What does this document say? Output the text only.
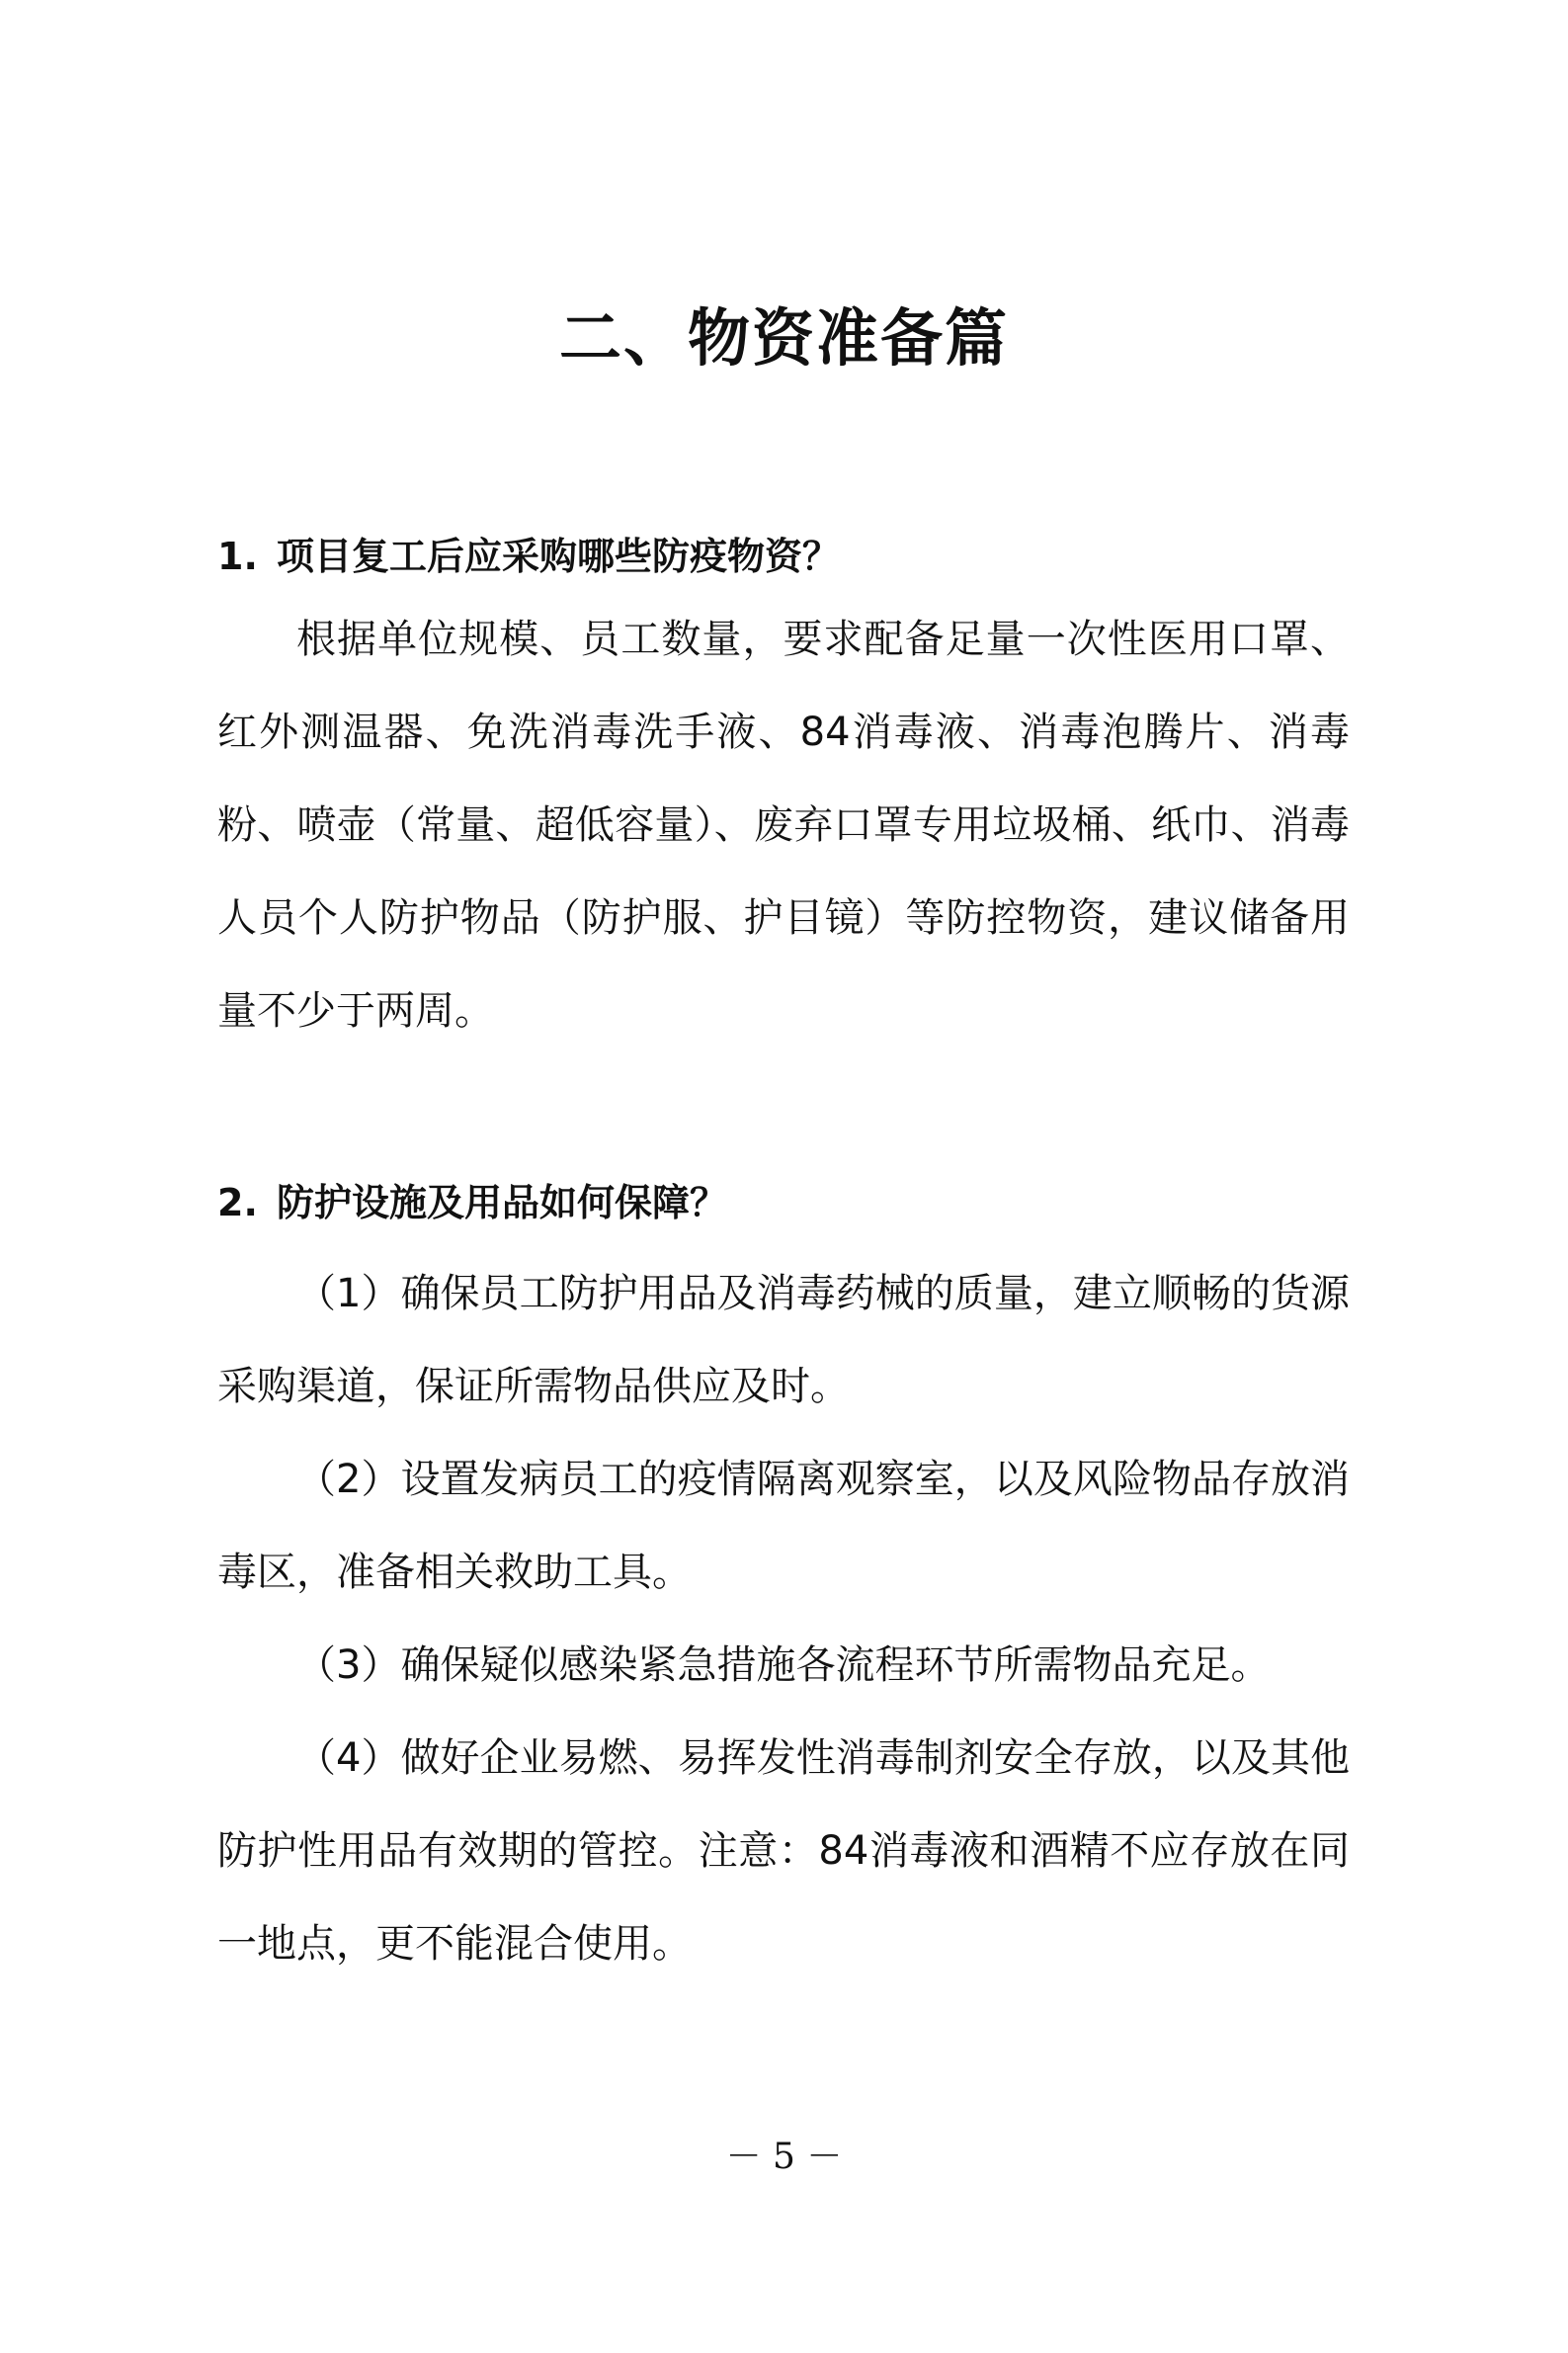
二、物资准备篇
1. 项目复工后应采购哪些防疫物资？
根据单位规模、员工数量，要求配备足量一次性医用口罩、红外测温器、免洗消毒洗手液、84消毒液、消毒泡腾片、消毒粉、喷壶（常量、超低容量）、废弃口罩专用垃圾桶、纸巾、消毒人员个人防护物品（防护服、护目镜）等防控物资，建议储备用量不少于两周。
2. 防护设施及用品如何保障？
（1）确保员工防护用品及消毒药械的质量，建立顺畅的货源采购渠道，保证所需物品供应及时。
（2）设置发病员工的疫情隔离观察室，以及风险物品存放消毒区，准备相关救助工具。
（3）确保疑似感染紧急措施各流程环节所需物品充足。
（4）做好企业易燃、易挥发性消毒制剂安全存放，以及其他防护性用品有效期的管控。注意：84消毒液和酒精不应存放在同一地点，更不能混合使用。
－ 5 －
